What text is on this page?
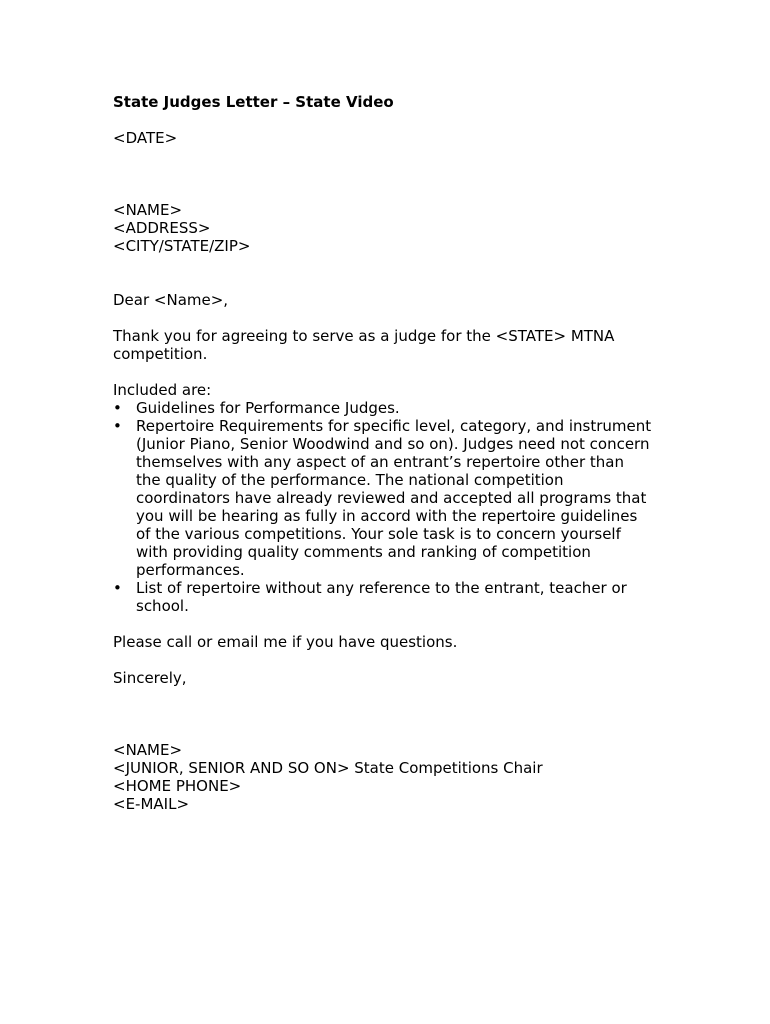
State Judges Letter – State Video
<DATE>
<NAME>
<ADDRESS>
<CITY/STATE/ZIP>
Dear <Name>,
Thank you for agreeing to serve as a judge for the <STATE> MTNA
competition.
Included are:
• Guidelines for Performance Judges.
• Repertoire Requirements for specific level, category, and instrument
(Junior Piano, Senior Woodwind and so on). Judges need not concern
themselves with any aspect of an entrant’s repertoire other than
the quality of the performance. The national competition
coordinators have already reviewed and accepted all programs that
you will be hearing as fully in accord with the repertoire guidelines
of the various competitions. Your sole task is to concern yourself
with providing quality comments and ranking of competition
performances.
• List of repertoire without any reference to the entrant, teacher or
school.
Please call or email me if you have questions.
Sincerely,
<NAME>
<JUNIOR, SENIOR AND SO ON> State Competitions Chair
<HOME PHONE>
<E-MAIL>
